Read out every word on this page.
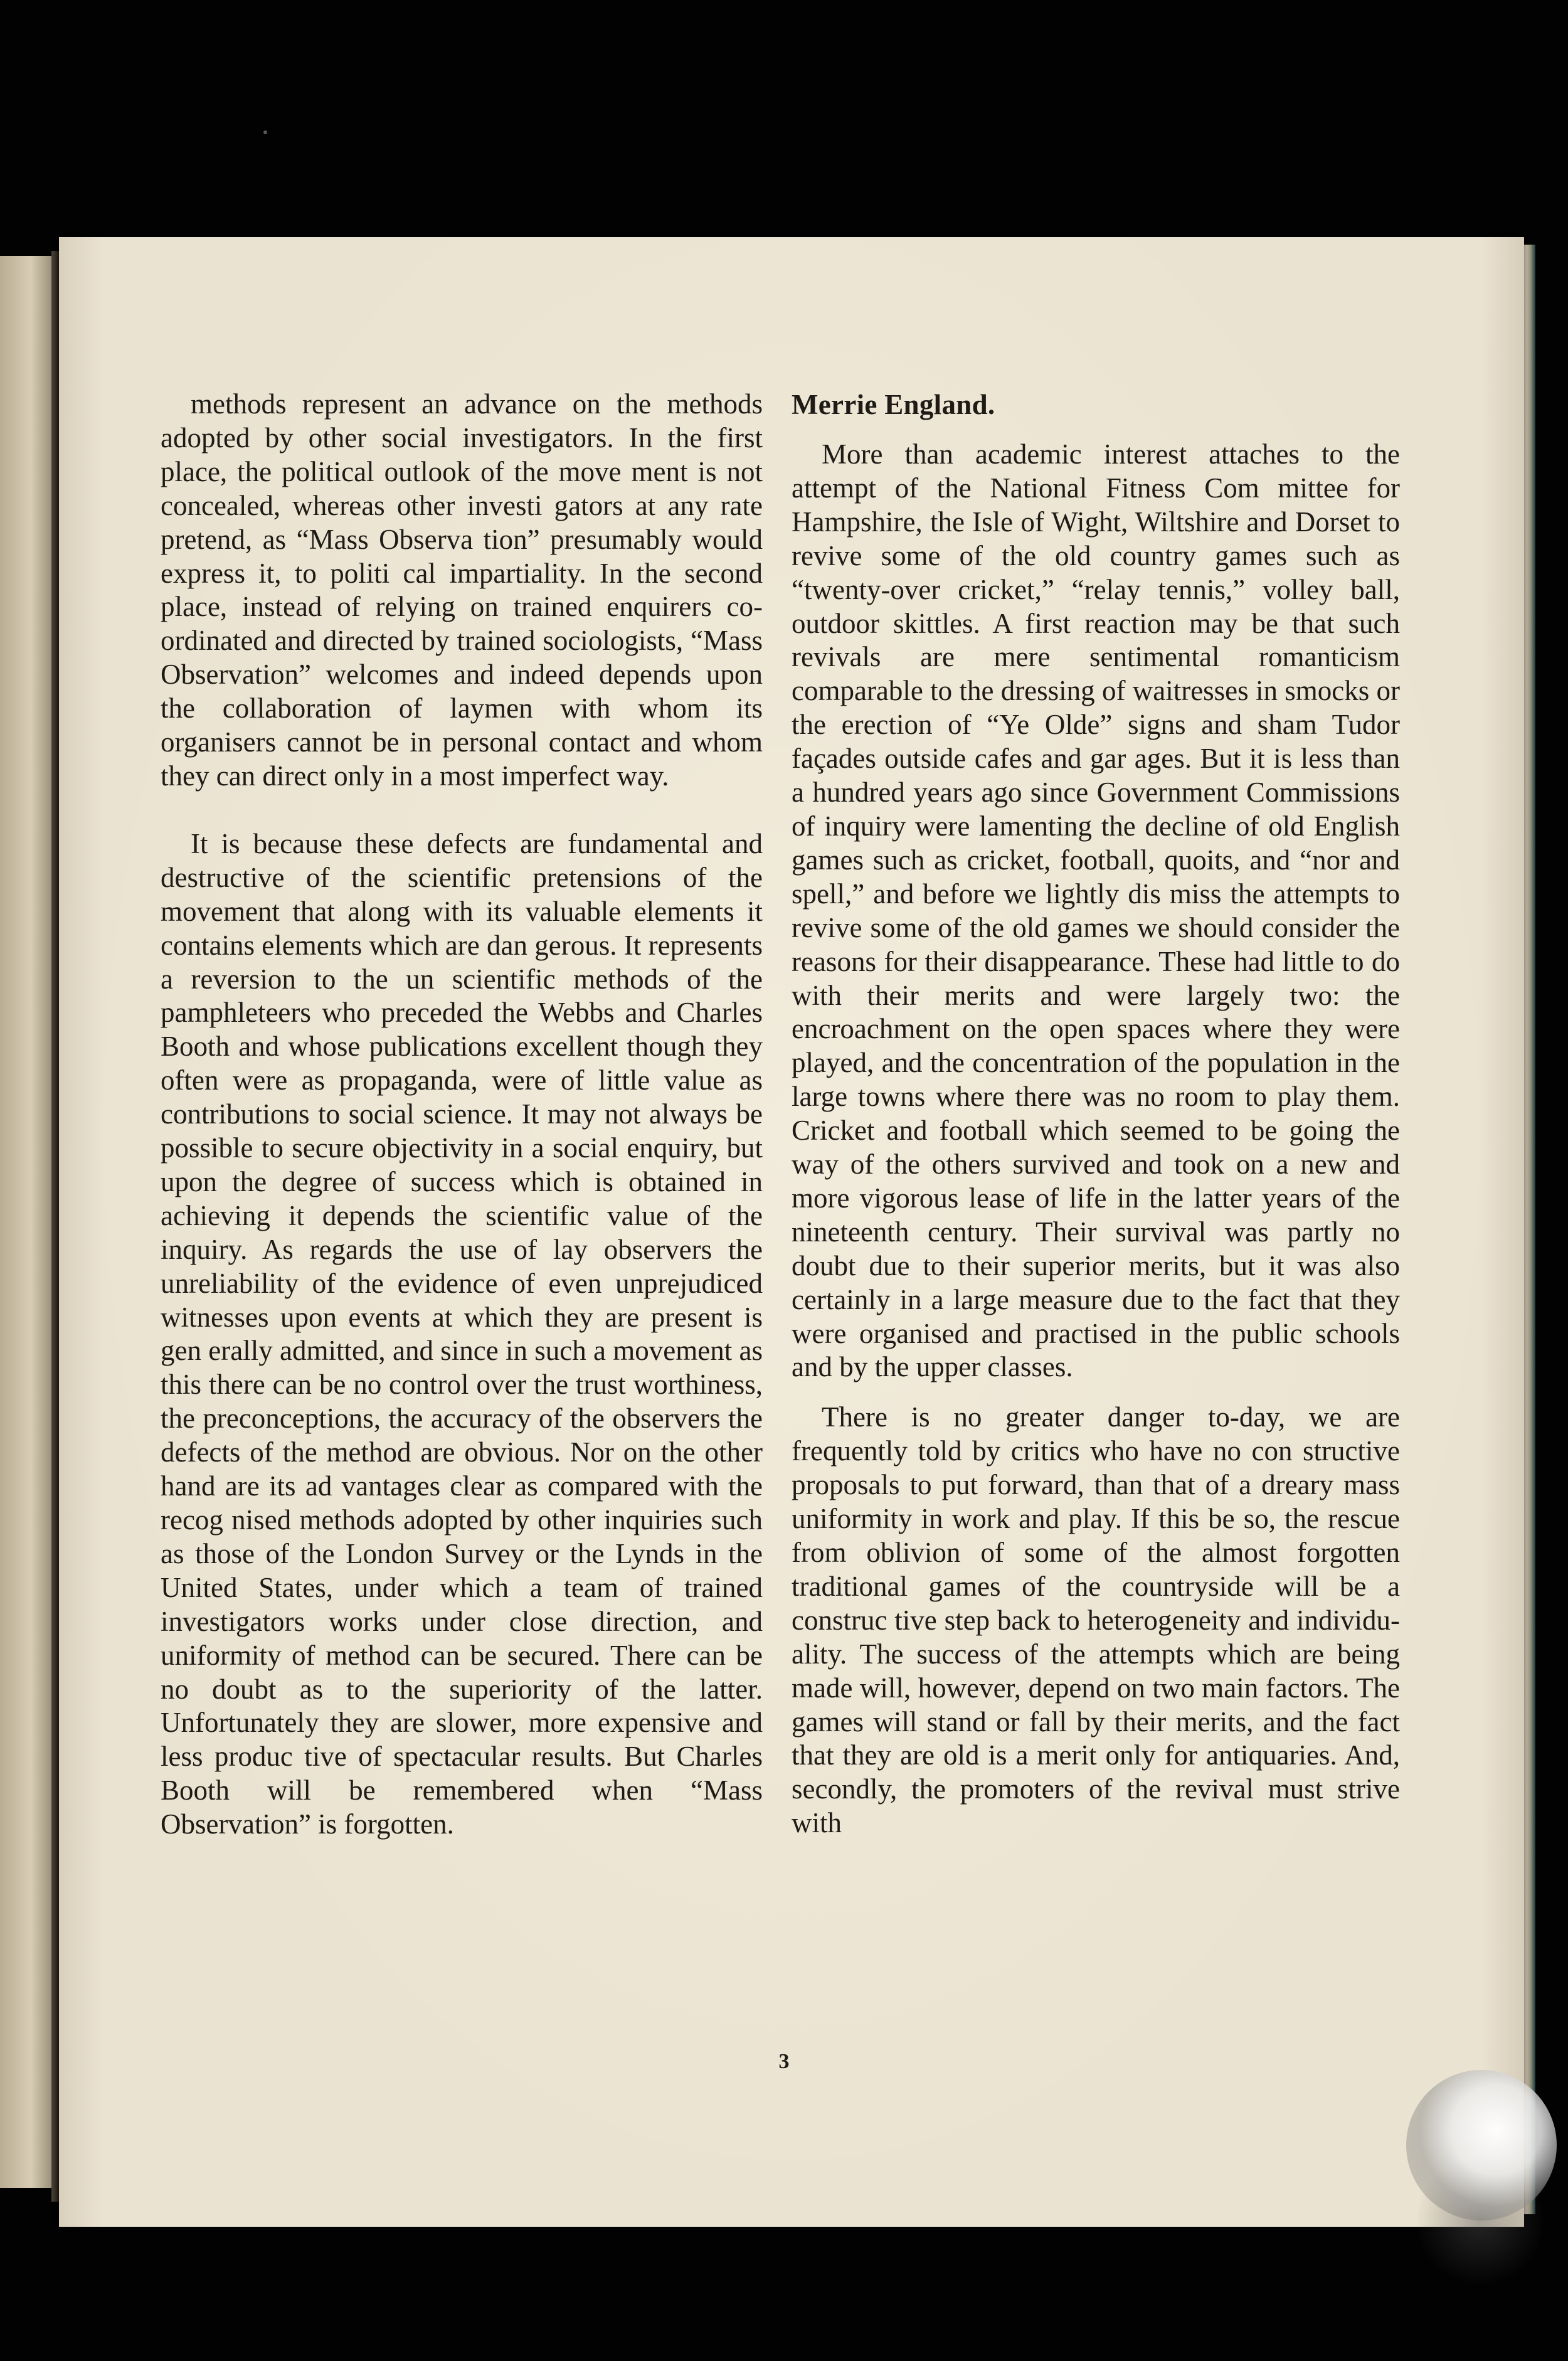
methods represent an advance on the methods adopted by other social investigators. In the first place, the political outlook of the move ment is not concealed, whereas other investi gators at any rate pretend, as “Mass Observa tion” presumably would express it, to politi cal impartiality. In the second place, instead of relying on trained enquirers co-ordinated and directed by trained sociologists, “Mass Observation” welcomes and indeed depends upon the collaboration of laymen with whom its organisers cannot be in personal contact and whom they can direct only in a most imperfect way.

It is because these defects are fundamental and destructive of the scientific pretensions of the movement that along with its valuable elements it contains elements which are dan gerous. It represents a reversion to the un scientific methods of the pamphleteers who preceded the Webbs and Charles Booth and whose publications excellent though they often were as propaganda, were of little value as contributions to social science. It may not always be possible to secure objectivity in a social enquiry, but upon the degree of success which is obtained in achieving it depends the scientific value of the inquiry. As regards the use of lay observers the unreliability of the evidence of even unprejudiced witnesses upon events at which they are present is gen erally admitted, and since in such a movement as this there can be no control over the trust worthiness, the preconceptions, the accuracy of the observers the defects of the method are obvious. Nor on the other hand are its ad vantages clear as compared with the recog nised methods adopted by other inquiries such as those of the London Survey or the Lynds in the United States, under which a team of trained investigators works under close direction, and uniformity of method can be secured. There can be no doubt as to the superiority of the latter. Unfortunately they are slower, more expensive and less produc tive of spectacular results. But Charles Booth will be remembered when “Mass Observation” is forgotten.

Merrie England.

More than academic interest attaches to the attempt of the National Fitness Com mittee for Hampshire, the Isle of Wight, Wiltshire and Dorset to revive some of the old country games such as “twenty-over cricket,” “relay tennis,” volley ball, outdoor skittles. A first reaction may be that such revivals are mere sentimental romanticism comparable to the dressing of waitresses in smocks or the erection of “Ye Olde” signs and sham Tudor façades outside cafes and gar ages. But it is less than a hundred years ago since Government Commissions of inquiry were lamenting the decline of old English games such as cricket, football, quoits, and “nor and spell,” and before we lightly dis miss the attempts to revive some of the old games we should consider the reasons for their disappearance. These had little to do with their merits and were largely two: the encroachment on the open spaces where they were played, and the concentration of the population in the large towns where there was no room to play them. Cricket and football which seemed to be going the way of the others survived and took on a new and more vigorous lease of life in the latter years of the nineteenth century. Their survival was partly no doubt due to their superior merits, but it was also certainly in a large measure due to the fact that they were organised and practised in the public schools and by the upper classes.

There is no greater danger to-day, we are frequently told by critics who have no con structive proposals to put forward, than that of a dreary mass uniformity in work and play. If this be so, the rescue from oblivion of some of the almost forgotten traditional games of the countryside will be a construc tive step back to heterogeneity and individu ality. The success of the attempts which are being made will, however, depend on two main factors. The games will stand or fall by their merits, and the fact that they are old is a merit only for antiquaries. And, secondly, the promoters of the revival must strive with

3
